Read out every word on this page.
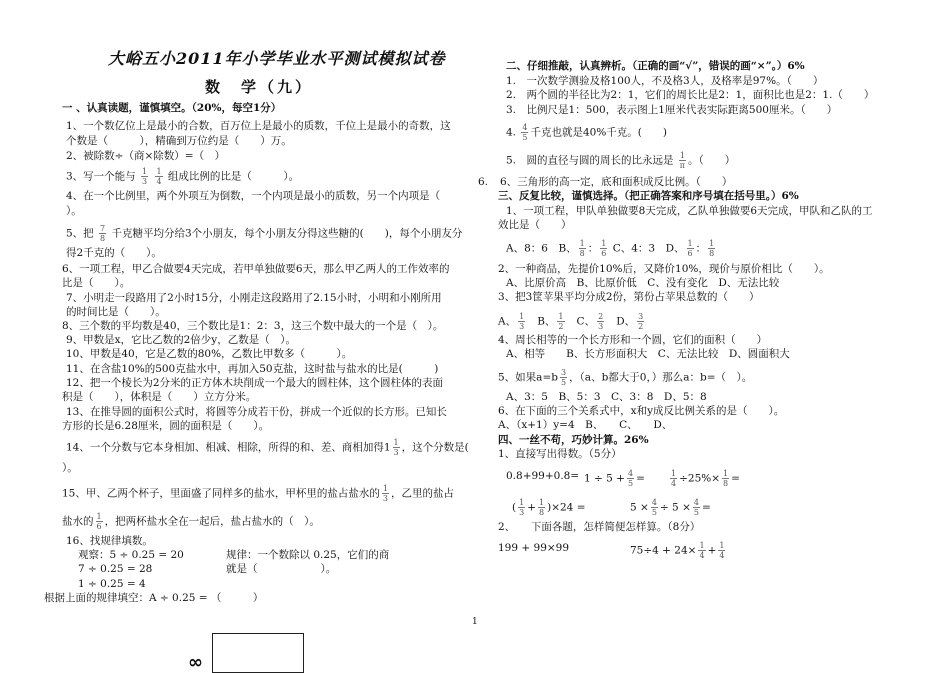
大峪五小2011年小学毕业水平测试模拟试卷
数　学（九）
一 、认真读题，谨慎填空。（20%，每空1分）
1、一个数亿位上是最小的合数，百万位上是最小的质数，千位上是最小的奇数，这
个数是（　　　），精确到万位约是（　　）万。
2、被除数÷（商×除数）=（　）
3、写一个能与 $\frac{1}{3}$
$\frac{1}{4}$ 组成比例的比是（　　　）。
4、在一个比例里，两个外项互为倒数，一个内项是最小的质数，另一个内项是（
）。
5、把 $\frac{7}{8}$ 千克糖平均分给3个小朋友，每个小朋友分得这些糖的(　　)，每个小朋友分
得2千克的（　　）。
6、一项工程，甲乙合做要4天完成，若甲单独做要6天，那么甲乙两人的工作效率的
比是（　　）。
7、小明走一段路用了2小时15分，小刚走这段路用了2.15小时，小明和小刚所用
的时间比是（　　）。
8、三个数的平均数是40，三个数比是1：2：3，这三个数中最大的一个是（　）。
9、甲数是x，它比乙数的2倍少y，乙数是（　）。
10、甲数是40，它是乙数的80%，乙数比甲数多（　　　）。
11、在含盐10%的500克盐水中，再加入50克盐，这时盐与盐水的比是(　　　)
12、把一个棱长为2分米的正方体木块削成一个最大的圆柱体，这个圆柱体的表面
积是（　　），体积是（　　）立方分米。
13、在推导圆的面积公式时，将圆等分成若干份，拼成一个近似的长方形。已知长
方形的长是6.28厘米，圆的面积是（　　）。
14、一个分数与它本身相加、相减、相除，所得的和、差、商相加得$1 \frac{1}{3}$ ，这个分数是(
）。
15、甲、乙两个杯子，里面盛了同样多的盐水，甲杯里的盐占盐水的 $\frac{1}{3}$ ，乙里的盐占
盐水的 $\frac{1}{6}$ ，把两杯盐水全在一起后，盐占盐水的（　）。
16、找规律填数。
观察：5 ÷ 0.25 = 20	规律：一个数除以 0.25，它们的商
7 ÷ 0.25 = 28	就是（　　　　　　）。
1 ÷ 0.25 = 4
根据上面的规律填空：A ÷ 0.25 = （　　　）
1
∞
二、仔细推敲，认真辨析。（正确的画“√”，错误的画“×”。）6%
1.　一次数学测验及格100人，不及格3人，及格率是97%。（　　）
2.　两个圆的半径比为2：1，它们的周长比是2：1，面积比也是2：1.（　　）
3.　比例尺是1：500，表示图上1厘米代表实际距离500厘米。（　　）
4. $\frac{4}{5}$ 千克也就是40%千克。(　　)
5.　圆的直径与圆的周长的比永远是 $\frac{1}{\pi}$ 。（　　）
6. 6、三角形的高一定，底和面积成反比例。（　　）
三、反复比较，谨慎选择。（把正确答案和序号填在括号里。）6%
1、一项工程，甲队单独做要8天完成，乙队单独做要6天完成，甲队和乙队的工
效比是（　　）
A、8：6　B、 $\frac{1}{8}$ ： $\frac{1}{6}$ C、4：3　D、 $\frac{1}{6}$ ： $\frac{1}{8}$
2、一种商品，先提价10%后，又降价10%，现价与原价相比（　　）。
A、比原价高　B、比原价低　C、没有变化　D、无法比较
3、把3筐苹果平均分成2份，第份占苹果总数的（　　）
A、 $\frac{1}{3}$ B、 $\frac{1}{2}$ C、 $\frac{2}{3}$ D、 $\frac{3}{2}$
4、周长相等的一个长方形和一个圆，它们的面积（　　）
A、相等　　B、长方形面积大　C、无法比较　D、圆面积大
5、如果$a=b \frac{3}{5}$ ，（a、b都大于0，）那么a：b=（　）。
A、3：5　B、5：3　C、3：8　D、5：8
6、在下面的三个关系式中，x和y成反比例关系的是（　　）。
A、（x+1）y=4　B、　　C、　　D、
四、一丝不苟，巧妙计算。26%
1、直接写出得数。（5分）
$0.8+99+0.8= 1 \div 5 + \frac{4}{5}$ =	$\frac{1}{4} \div 25\%\times \frac{1}{8}$ =
( $\frac{1}{3} + \frac{1}{8} )\times 24$ =	$5 \times \frac{4}{5} \div 5 \times \frac{4}{5}$ =
2、　　下面各题，怎样简便怎样算。（8分）
199 + 99×99	$75\div 4 + 24\times \frac{1}{4} + \frac{1}{4}$
